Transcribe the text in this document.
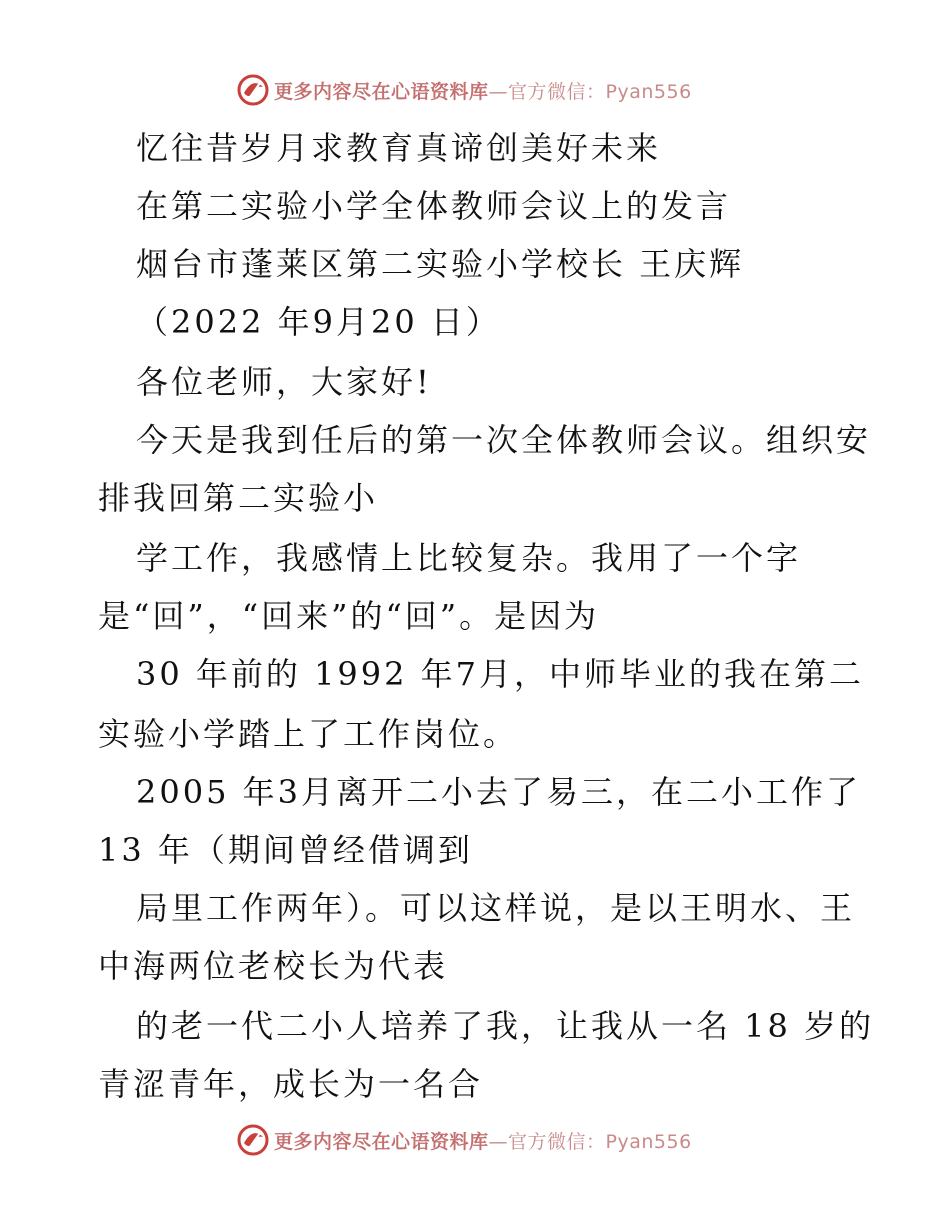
更多内容尽在心语资料库—官方微信：Pyan556
忆往昔岁月求教育真谛创美好未来
在第二实验小学全体教师会议上的发言
烟台市蓬莱区第二实验小学校长 王庆辉
（2022 年9月20 日）
各位老师，大家好!
今天是我到任后的第一次全体教师会议。组织安
排我回第二实验小
学工作，我感情上比较复杂。我用了一个字
是“回”，“回来”的“回”。是因为
30 年前的 1992 年7月，中师毕业的我在第二
实验小学踏上了工作岗位。
2005 年3月离开二小去了易三，在二小工作了
13 年（期间曾经借调到
局里工作两年）。可以这样说，是以王明水、王
中海两位老校长为代表
的老一代二小人培养了我，让我从一名 18 岁的
青涩青年，成长为一名合
更多内容尽在心语资料库—官方微信：Pyan556
